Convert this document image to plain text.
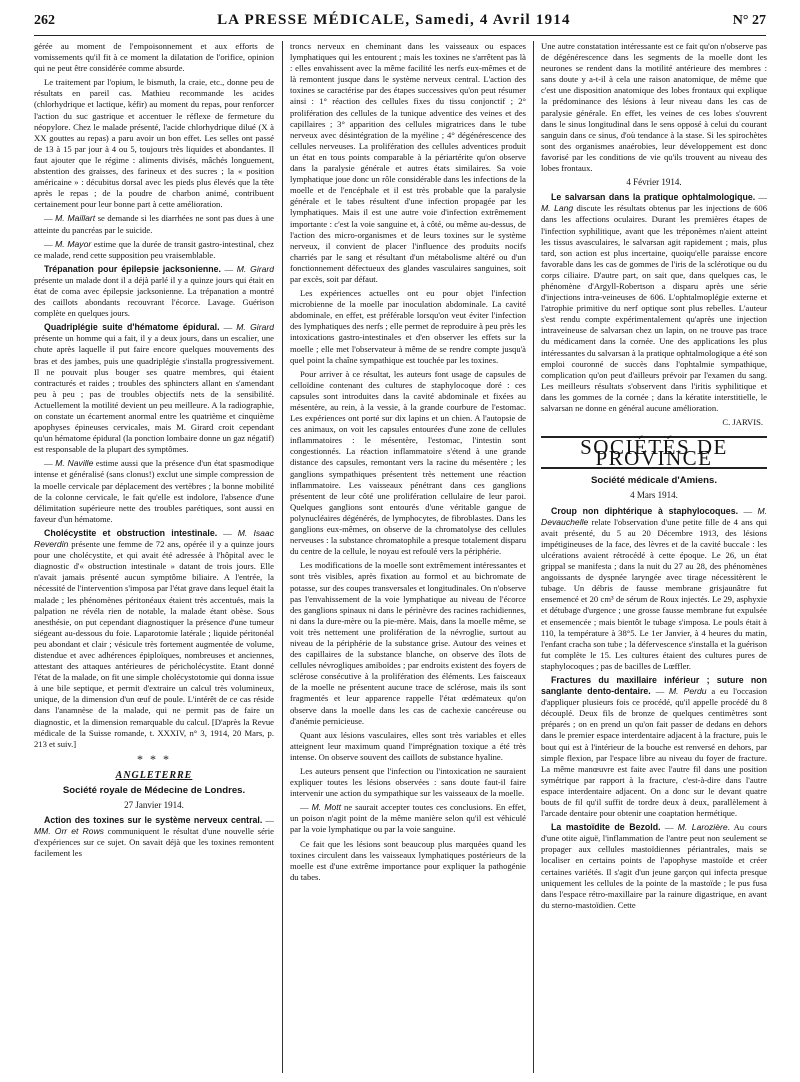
262	LA PRESSE MÉDICALE, Samedi, 4 Avril 1914	N° 27

gérée au moment de l'empoisonnement et aux efforts de vomissements qu'il fit à ce moment la dilatation de l'orifice, opinion qui ne peut être considérée comme absurde.

Le traitement par l'opium, le bismuth, la craie, etc., donne peu de résultats en pareil cas. Mathieu recommande les acides (chlorhydrique et lactique, kéfir) au moment du repas, pour renforcer l'action du suc gastrique et accentuer le réflexe de fermeture du néopylore. Chez le malade présenté, l'acide chlorhydrique dilué (X à XX gouttes au repas) a paru avoir un bon effet. Les selles ont passé de 13 à 15 par jour à 4 ou 5, toujours très liquides et abondantes. Il faut ajouter que le régime : aliments divisés, mâchés longuement, abstention des graisses, des farineux et des sucres ; la « position américaine » : décubitus dorsal avec les pieds plus élevés que la tête après le repas ; de la poudre de charbon animé, contribuent certainement pour leur bonne part à cette amélioration.

— M. Maillart se demande si les diarrhées ne sont pas dues à une atteinte du pancréas par le suicide.

— M. Mayor estime que la durée de transit gastro-intestinal, chez ce malade, rend cette supposition peu vraisemblable.

Trépanation pour épilepsie jacksonienne. — M. Girard présente un malade dont il a déjà parlé il y a quinze jours qui était en état de coma avec épilepsie jacksonienne. La trépanation a montré des caillots abondants recouvrant l'écorce. Lavage. Guérison complète en quelques jours.

Quadriplégie suite d'hématome épidural. — M. Girard présente un homme qui a fait, il y a deux jours, dans un escalier, une chute après laquelle il put faire encore quelques mouvements des bras et des jambes, puis une quadriplégie s'installa progressivement. Il ne pouvait plus bouger ses quatre membres, qui étaient contracturés et raides ; troubles des sphincters allant en s'amendant peu à peu ; pas de troubles objectifs nets de la sensibilité. Actuellement la motilité devient un peu meilleure. A la radiographie, on constate un écartement anormal entre les quatrième et cinquième apophyses épineuses cervicales, mais M. Girard croit cependant qu'un hématome épidural (la ponction lombaire donne un gaz négatif) est responsable de la plupart des symptômes.

— M. Naville estime aussi que la présence d'un état spasmodique intense et généralisé (sans clonus!) exclut une simple compression de la moelle cervicale par déplacement des vertèbres ; la bonne mobilité de la colonne cervicale, le fait qu'elle est indolore, l'absence d'une délimitation supérieure nette des troubles parétiques, sont aussi en faveur d'un hématome.

Cholécystite et obstruction intestinale. — M. Isaac Reverdin présente une femme de 72 ans, opérée il y a quinze jours pour une cholécystite, et qui avait été adressée à l'hôpital avec le diagnostic d'« obstruction intestinale » datant de trois jours. Elle n'avait jamais présenté aucun symptôme biliaire. A l'entrée, la nécessité de l'intervention s'imposa par l'état grave dans lequel était la malade ; les phénomènes péritonéaux étaient très accentués, mais la palpation ne révéla rien de notable, la malade étant obèse. Sous anesthésie, on put cependant diagnostiquer la présence d'une tumeur siégeant au-dessous du foie. Laparotomie latérale ; liquide péritonéal peu abondant et clair ; vésicule très fortement augmentée de volume, distendue et avec adhérences épiploïques, nombreuses et anciennes, attestant des attaques antérieures de péricholécystite. Etant donné l'état de la malade, on fit une simple cholécystotomie qui donna issue à une bile septique, et permit d'extraire un calcul très volumineux, unique, de la dimension d'un œuf de poule. L'intérêt de ce cas réside dans l'anamnèse de la malade, qui ne permit pas de faire un diagnostic, et la dimension remarquable du calcul. [D'après la Revue médicale de la Suisse romande, t. XXXIV, n° 3, 1914, 20 Mars, p. 213 et suiv.]

* * *
ANGLETERRE
Société royale de Médecine de Londres.
27 Janvier 1914.

Action des toxines sur le système nerveux central. — MM. Orr et Rows communiquent le résultat d'une nouvelle série d'expériences sur ce sujet. On savait déjà que les toxines remontent facilement les

troncs nerveux en cheminant dans les vaisseaux ou espaces lymphatiques qui les entourent ; mais les toxines ne s'arrêtent pas là : elles envahissent avec la même facilité les nerfs eux-mêmes et de là remontent jusque dans le système nerveux central. L'action des toxines se caractérise par des étapes successives qu'on peut résumer ainsi : 1° réaction des cellules fixes du tissu conjonctif ; 2° prolifération des cellules de la tunique adventice des veines et des capillaires ; 3° apparition des cellules migratrices dans le tube nerveux avec désintégration de la myéline ; 4° dégénérescence des cellules nerveuses. La prolifération des cellules adventices produit un état en tous points comparable à la périartérite qu'on observe dans la paralysie générale et autres états similaires. Sa voie lymphatique joue donc un rôle considérable dans les infections de la moelle et de l'encéphale et il est très probable que la paralysie générale et le tabes résultent d'une infection propagée par les lymphatiques. Mais il est une autre voie d'infection extrêmement importante : c'est la voie sanguine et, à côté, ou même au-dessus, de l'action des micro-organismes et de leurs toxines sur le système nerveux, il convient de placer l'influence des produits nocifs charriés par le sang et résultant d'un métabolisme altéré ou d'un fonctionnement défectueux des glandes vasculaires sanguines, soit par excès, soit par défaut.

Les expériences actuelles ont eu pour objet l'infection microbienne de la moelle par inoculation abdominale. La cavité abdominale, en effet, est préférable lorsqu'on veut éviter l'infection des lymphatiques des nerfs ; elle permet de reproduire à peu près les intoxications gastro-intestinales et d'en observer les effets sur la moelle ; elle met l'observateur à même de se rendre compte jusqu'à quel point la chaîne sympathique est touchée par les toxines.

Pour arriver à ce résultat, les auteurs font usage de capsules de celloïdine contenant des cultures de staphylocoque doré : ces capsules sont introduites dans la cavité abdominale et fixées au mésentère, au rein, à la vessie, à la grande courbure de l'estomac. Les expériences ont porté sur dix lapins et un chien. A l'autopsie de ces animaux, on voit les capsules entourées d'une zone de cellules inflammatoires : le mésentère, l'estomac, l'intestin sont congestionnés. La réaction inflammatoire s'étend à une grande distance des capsules, remontant vers la racine du mésentère ; les ganglions sympathiques présentent très nettement une réaction inflammatoire. Les vaisseaux pénétrant dans ces ganglions présentent de leur côté une prolifération cellulaire de leur paroi. Quelques ganglions sont entourés d'une véritable gangue de polynucléaires dégénérés, de lymphocytes, de fibroblastes. Dans les ganglions eux-mêmes, on observe de la chromatolyse des cellules nerveuses : la substance chromatophile a presque totalement disparu du centre de la cellule, le noyau est refoulé vers la périphérie.

Les modifications de la moelle sont extrêmement intéressantes et sont très visibles, après fixation au formol et au bichromate de potasse, sur des coupes transversales et longitudinales. On n'observe pas l'envahissement de la voie lymphatique au niveau de l'écorce des ganglions spinaux ni dans le périnèvre des racines rachidiennes, ni dans la dure-mère ou la pie-mère. Mais, dans la moelle même, se voit très nettement une prolifération de la névroglie, surtout au niveau de la périphérie de la substance grise. Autour des veines et des capillaires de la substance blanche, on observe des îlots de cellules névrogliques amiboïdes ; par endroits existent des foyers de sclérose consécutive à la prolifération des éléments. Les faisceaux de la moelle ne présentent aucune trace de sclérose, mais ils sont fragmentés et leur apparence rappelle l'état œdémateux qu'on observe dans la moelle dans les cas de cachexie cancéreuse ou d'anémie pernicieuse.

Quant aux lésions vasculaires, elles sont très variables et elles atteignent leur maximum quand l'imprégnation toxique a été très intense. On observe souvent des caillots de substance hyaline.

Les auteurs pensent que l'infection ou l'intoxication ne sauraient expliquer toutes les lésions observées : sans doute faut-il faire intervenir une action du sympathique sur les vaisseaux de la moelle.

— M. Mott ne saurait accepter toutes ces conclusions. En effet, un poison n'agit point de la même manière selon qu'il est véhiculé par la voie lymphatique ou par la voie sanguine.

Ce fait que les lésions sont beaucoup plus marquées quand les toxines circulent dans les vaisseaux lymphatiques postérieurs de la moelle est d'une extrême importance pour expliquer la pathogénie du tabes.

Une autre constatation intéressante est ce fait qu'on n'observe pas de dégénérescence dans les segments de la moelle dont les neurones se rendent dans la motilité antérieure des membres : sans doute y a-t-il à cela une raison anatomique, de même que c'est une disposition anatomique des lobes frontaux qui explique la prédominance des lésions à leur niveau dans les cas de paralysie générale. En effet, les veines de ces lobes s'ouvrent dans le sinus longitudinal dans le sens opposé à celui du courant sanguin dans ce sinus, d'où tendance à la stase. Si les spirochètes sont des organismes anaérobies, leur développement est donc favorisé par les conditions de vie qu'ils trouvent au niveau des lobes frontaux.

4 Février 1914.

Le salvarsan dans la pratique ophtalmologique. — M. Lang discute les résultats obtenus par les injections de 606 dans les affections oculaires. Durant les premières étapes de l'infection syphilitique, avant que les tréponèmes n'aient atteint les tissus avasculaires, le salvarsan agit rapidement ; mais, plus tard, son action est plus incertaine, quoiqu'elle paraisse encore favorable dans les cas de gommes de l'iris de la sclérotique ou du corps ciliaire. D'autre part, on sait que, dans quelques cas, le phénomène d'Argyll-Robertson a disparu après une série d'injections intra-veineuses de 606. L'ophtalmoplégie externe et l'atrophie primitive du nerf optique sont plus rebelles. L'auteur s'est rendu compte expérimentalement qu'après une injection intraveineuse de salvarsan chez un lapin, on ne trouve pas trace du médicament dans la cornée. Une des applications les plus intéressantes du salvarsan à la pratique ophtalmologique a été son emploi couronné de succès dans l'ophtalmie sympathique, complication qu'on peut d'ailleurs prévoir par l'examen du sang. Les meilleurs résultats s'observent dans l'iritis syphilitique et dans les gommes de la cornée ; dans la kératite interstitielle, le salvarsan ne donne en général aucune amélioration.

C. JARVIS.
SOCIÉTÉS DE PROVINCE
Société médicale d'Amiens.
4 Mars 1914.

Croup non diphtérique à staphylocoques. — M. Devauchelle relate l'observation d'une petite fille de 4 ans qui avait présenté, du 5 au 20 Décembre 1913, des lésions impétigineuses de la face, des lèvres et de la cavité buccale : les ulcérations avaient rétrocédé à cette époque. Le 26, un état grippal se manifesta ; dans la nuit du 27 au 28, des phénomènes angoissants de dyspnée laryngée avec tirage nécessitèrent le tubage. Un débris de fausse membrane grisjaunâtre fut ensemencé et 20 cm³ de sérum de Roux injectés. Le 29, asphyxie et détubage d'urgence ; une grosse fausse membrane fut expulsée et ensemencée ; mais bientôt le tubage s'imposa. Le pouls était à 110, la température à 38°5. Le 1er Janvier, à 4 heures du matin, l'enfant cracha son tube ; la défervescence s'installa et la guérison fut complète le 15. Les cultures étaient des cultures pures de staphylocoques ; pas de bacilles de Lœffler.

Fractures du maxillaire inférieur ; suture non sanglante dento-dentaire. — M. Perdu a eu l'occasion d'appliquer plusieurs fois ce procédé, qu'il appelle procédé du 8 découplé. Deux fils de bronze de quelques centimètres sont préparés ; on en prend un qu'on fait passer de dedans en dehors dans le premier espace interdentaire adjacent à la fracture, puis le bout qui est à l'intérieur de la bouche est renversé en dehors, par simple flexion, par l'espace libre au niveau du foyer de fracture. La même manœuvre est faite avec l'autre fil dans une position symétrique par rapport à la fracture, c'est-à-dire dans l'autre espace interdentaire adjacent. On a donc sur le devant quatre bouts de fil qu'il suffit de tordre deux à deux, parallèlement à l'arcade dentaire pour obtenir une coaptation hermétique.

La mastoïdite de Bezold. — M. Larozière. Au cours d'une otite aiguë, l'inflammation de l'antre peut non seulement se propager aux cellules mastoïdiennes périantrales, mais se localiser en certains points de l'apophyse mastoïde et créer certaines variétés. Il s'agit d'un jeune garçon qui infecta presque uniquement les cellules de la pointe de la mastoïde ; le pus fusa dans l'espace rétro-maxillaire par la rainure digastrique, en avant du sterno-mastoïdien. Cette
